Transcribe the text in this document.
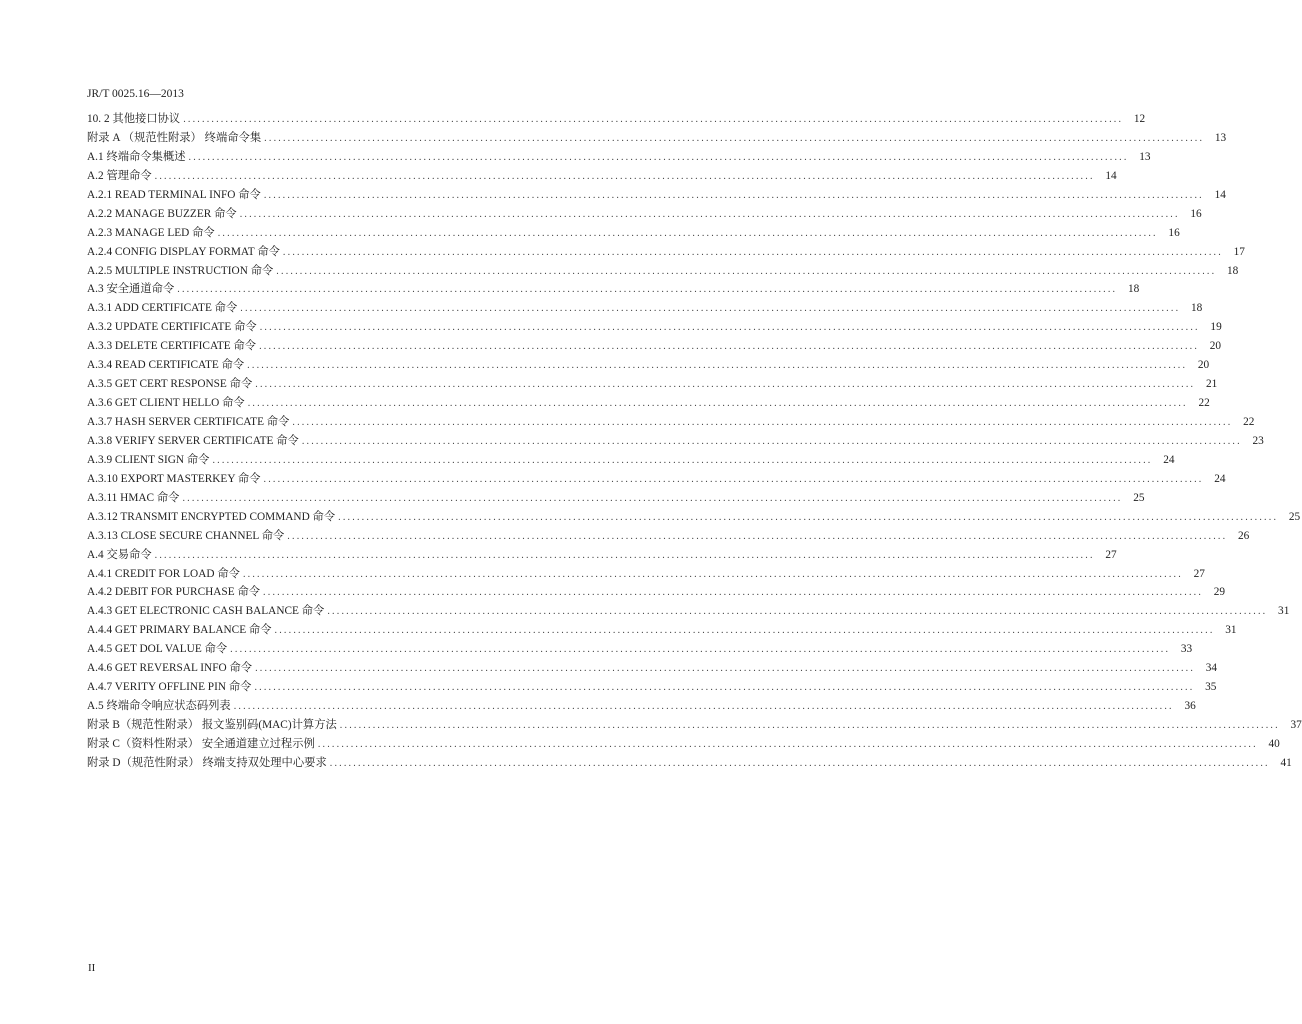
JR/T 0025.16—2013
10. 2 其他接口协议 ........................................................................................................................................................................................................ 12
附录 A （规范性附录） 终端命令集 ........................................................................................................................................................................................................ 13
A.1 终端命令集概述 ........................................................................................................................................................................................................ 13
A.2 管理命令 ........................................................................................................................................................................................................ 14
A.2.1 READ TERMINAL INFO 命令 ........................................................................................................................................................................................................ 14
A.2.2 MANAGE BUZZER 命令 ........................................................................................................................................................................................................ 16
A.2.3 MANAGE LED 命令 ........................................................................................................................................................................................................ 16
A.2.4 CONFIG DISPLAY FORMAT 命令 ........................................................................................................................................................................................................ 17
A.2.5 MULTIPLE INSTRUCTION 命令 ........................................................................................................................................................................................................ 18
A.3 安全通道命令 ........................................................................................................................................................................................................ 18
A.3.1 ADD CERTIFICATE 命令 ........................................................................................................................................................................................................ 18
A.3.2 UPDATE CERTIFICATE 命令 ........................................................................................................................................................................................................ 19
A.3.3 DELETE CERTIFICATE 命令 ........................................................................................................................................................................................................ 20
A.3.4 READ CERTIFICATE 命令 ........................................................................................................................................................................................................ 20
A.3.5 GET CERT RESPONSE 命令 ........................................................................................................................................................................................................ 21
A.3.6 GET CLIENT HELLO 命令 ........................................................................................................................................................................................................ 22
A.3.7 HASH SERVER CERTIFICATE 命令 ........................................................................................................................................................................................................ 22
A.3.8 VERIFY SERVER CERTIFICATE 命令 ........................................................................................................................................................................................................ 23
A.3.9 CLIENT SIGN 命令 ........................................................................................................................................................................................................ 24
A.3.10 EXPORT MASTERKEY 命令 ........................................................................................................................................................................................................ 24
A.3.11 HMAC 命令 ........................................................................................................................................................................................................ 25
A.3.12 TRANSMIT ENCRYPTED COMMAND 命令 ........................................................................................................................................................................................................ 25
A.3.13 CLOSE SECURE CHANNEL 命令 ........................................................................................................................................................................................................ 26
A.4 交易命令 ........................................................................................................................................................................................................ 27
A.4.1 CREDIT FOR LOAD 命令 ........................................................................................................................................................................................................ 27
A.4.2 DEBIT FOR PURCHASE 命令 ........................................................................................................................................................................................................ 29
A.4.3 GET ELECTRONIC CASH BALANCE 命令 ........................................................................................................................................................................................................ 31
A.4.4 GET PRIMARY BALANCE 命令 ........................................................................................................................................................................................................ 31
A.4.5 GET DOL VALUE 命令 ........................................................................................................................................................................................................ 33
A.4.6 GET REVERSAL INFO 命令 ........................................................................................................................................................................................................ 34
A.4.7 VERITY OFFLINE PIN 命令 ........................................................................................................................................................................................................ 35
A.5 终端命令响应状态码列表 ........................................................................................................................................................................................................ 36
附录 B（规范性附录） 报文鉴别码(MAC)计算方法 ........................................................................................................................................................................................................ 37
附录 C（资料性附录） 安全通道建立过程示例 ........................................................................................................................................................................................................ 40
附录 D（规范性附录） 终端支持双处理中心要求 ........................................................................................................................................................................................................ 41
II
